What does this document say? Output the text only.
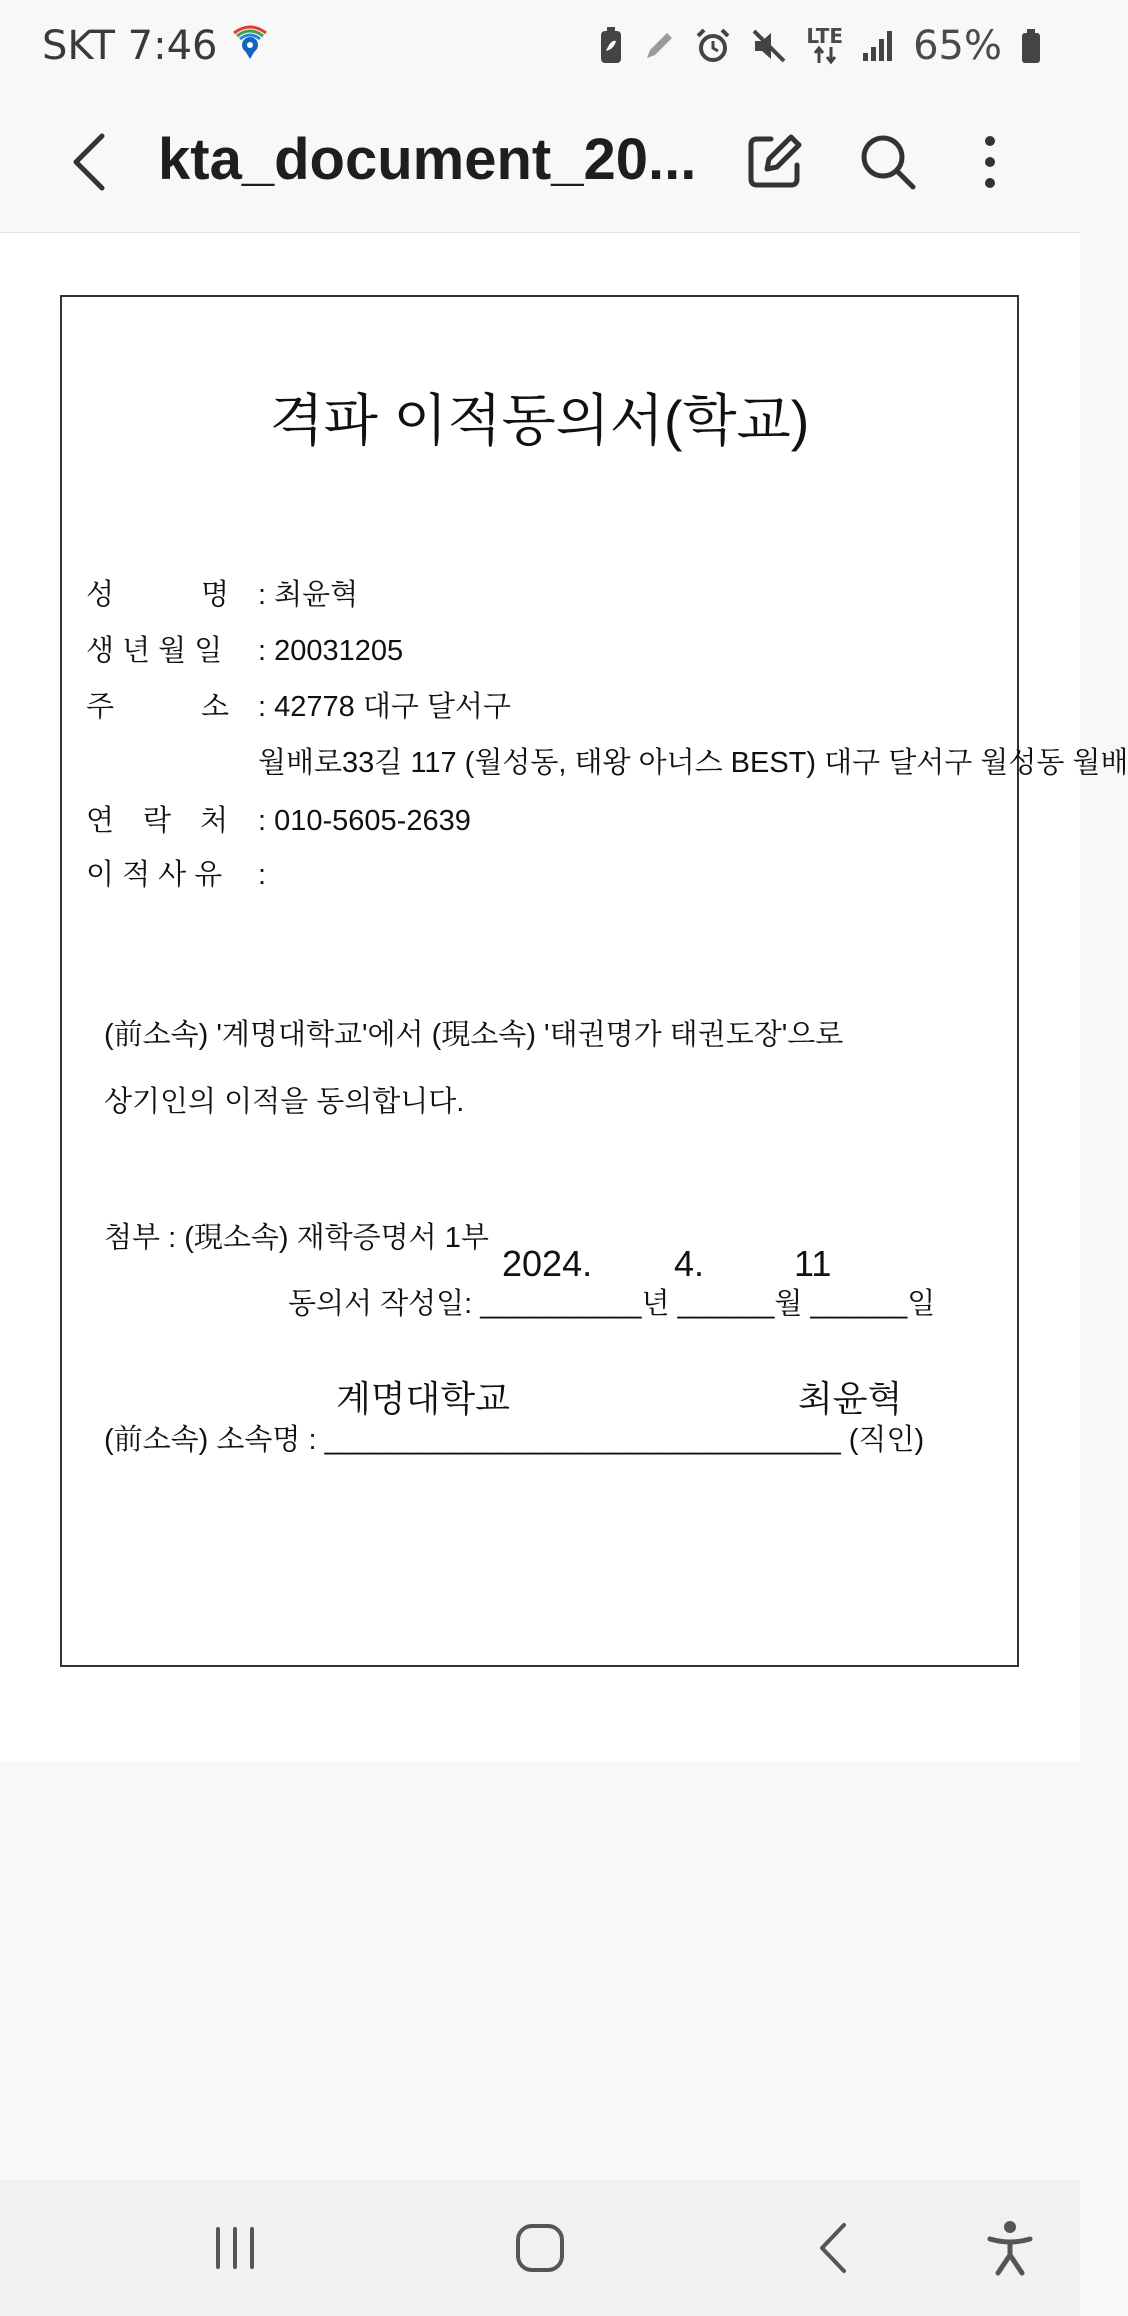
SKT 7:46	LTE 65%
kta_document_20...
격파 이적동의서(학교)
성　　　명 : 최윤혁
생 년 월 일 : 20031205
주　　　소 : 42778 대구 달서구
월배로33길 117 (월성동, 태왕 아너스 BEST) 대구 달서구 월성동 월배
연　락　처 : 010-5605-2639
이 적 사 유 :
(前소속) '계명대학교'에서 (現소속) '태권명가 태권도장'으로
상기인의 이적을 동의합니다.
첨부 : (現소속) 재학증명서 1부
2024. 4. 11
동의서 작성일: __________년 ______월 ______일
계명대학교	최윤혁
(前소속) 소속명 : ________________________________ (직인)
